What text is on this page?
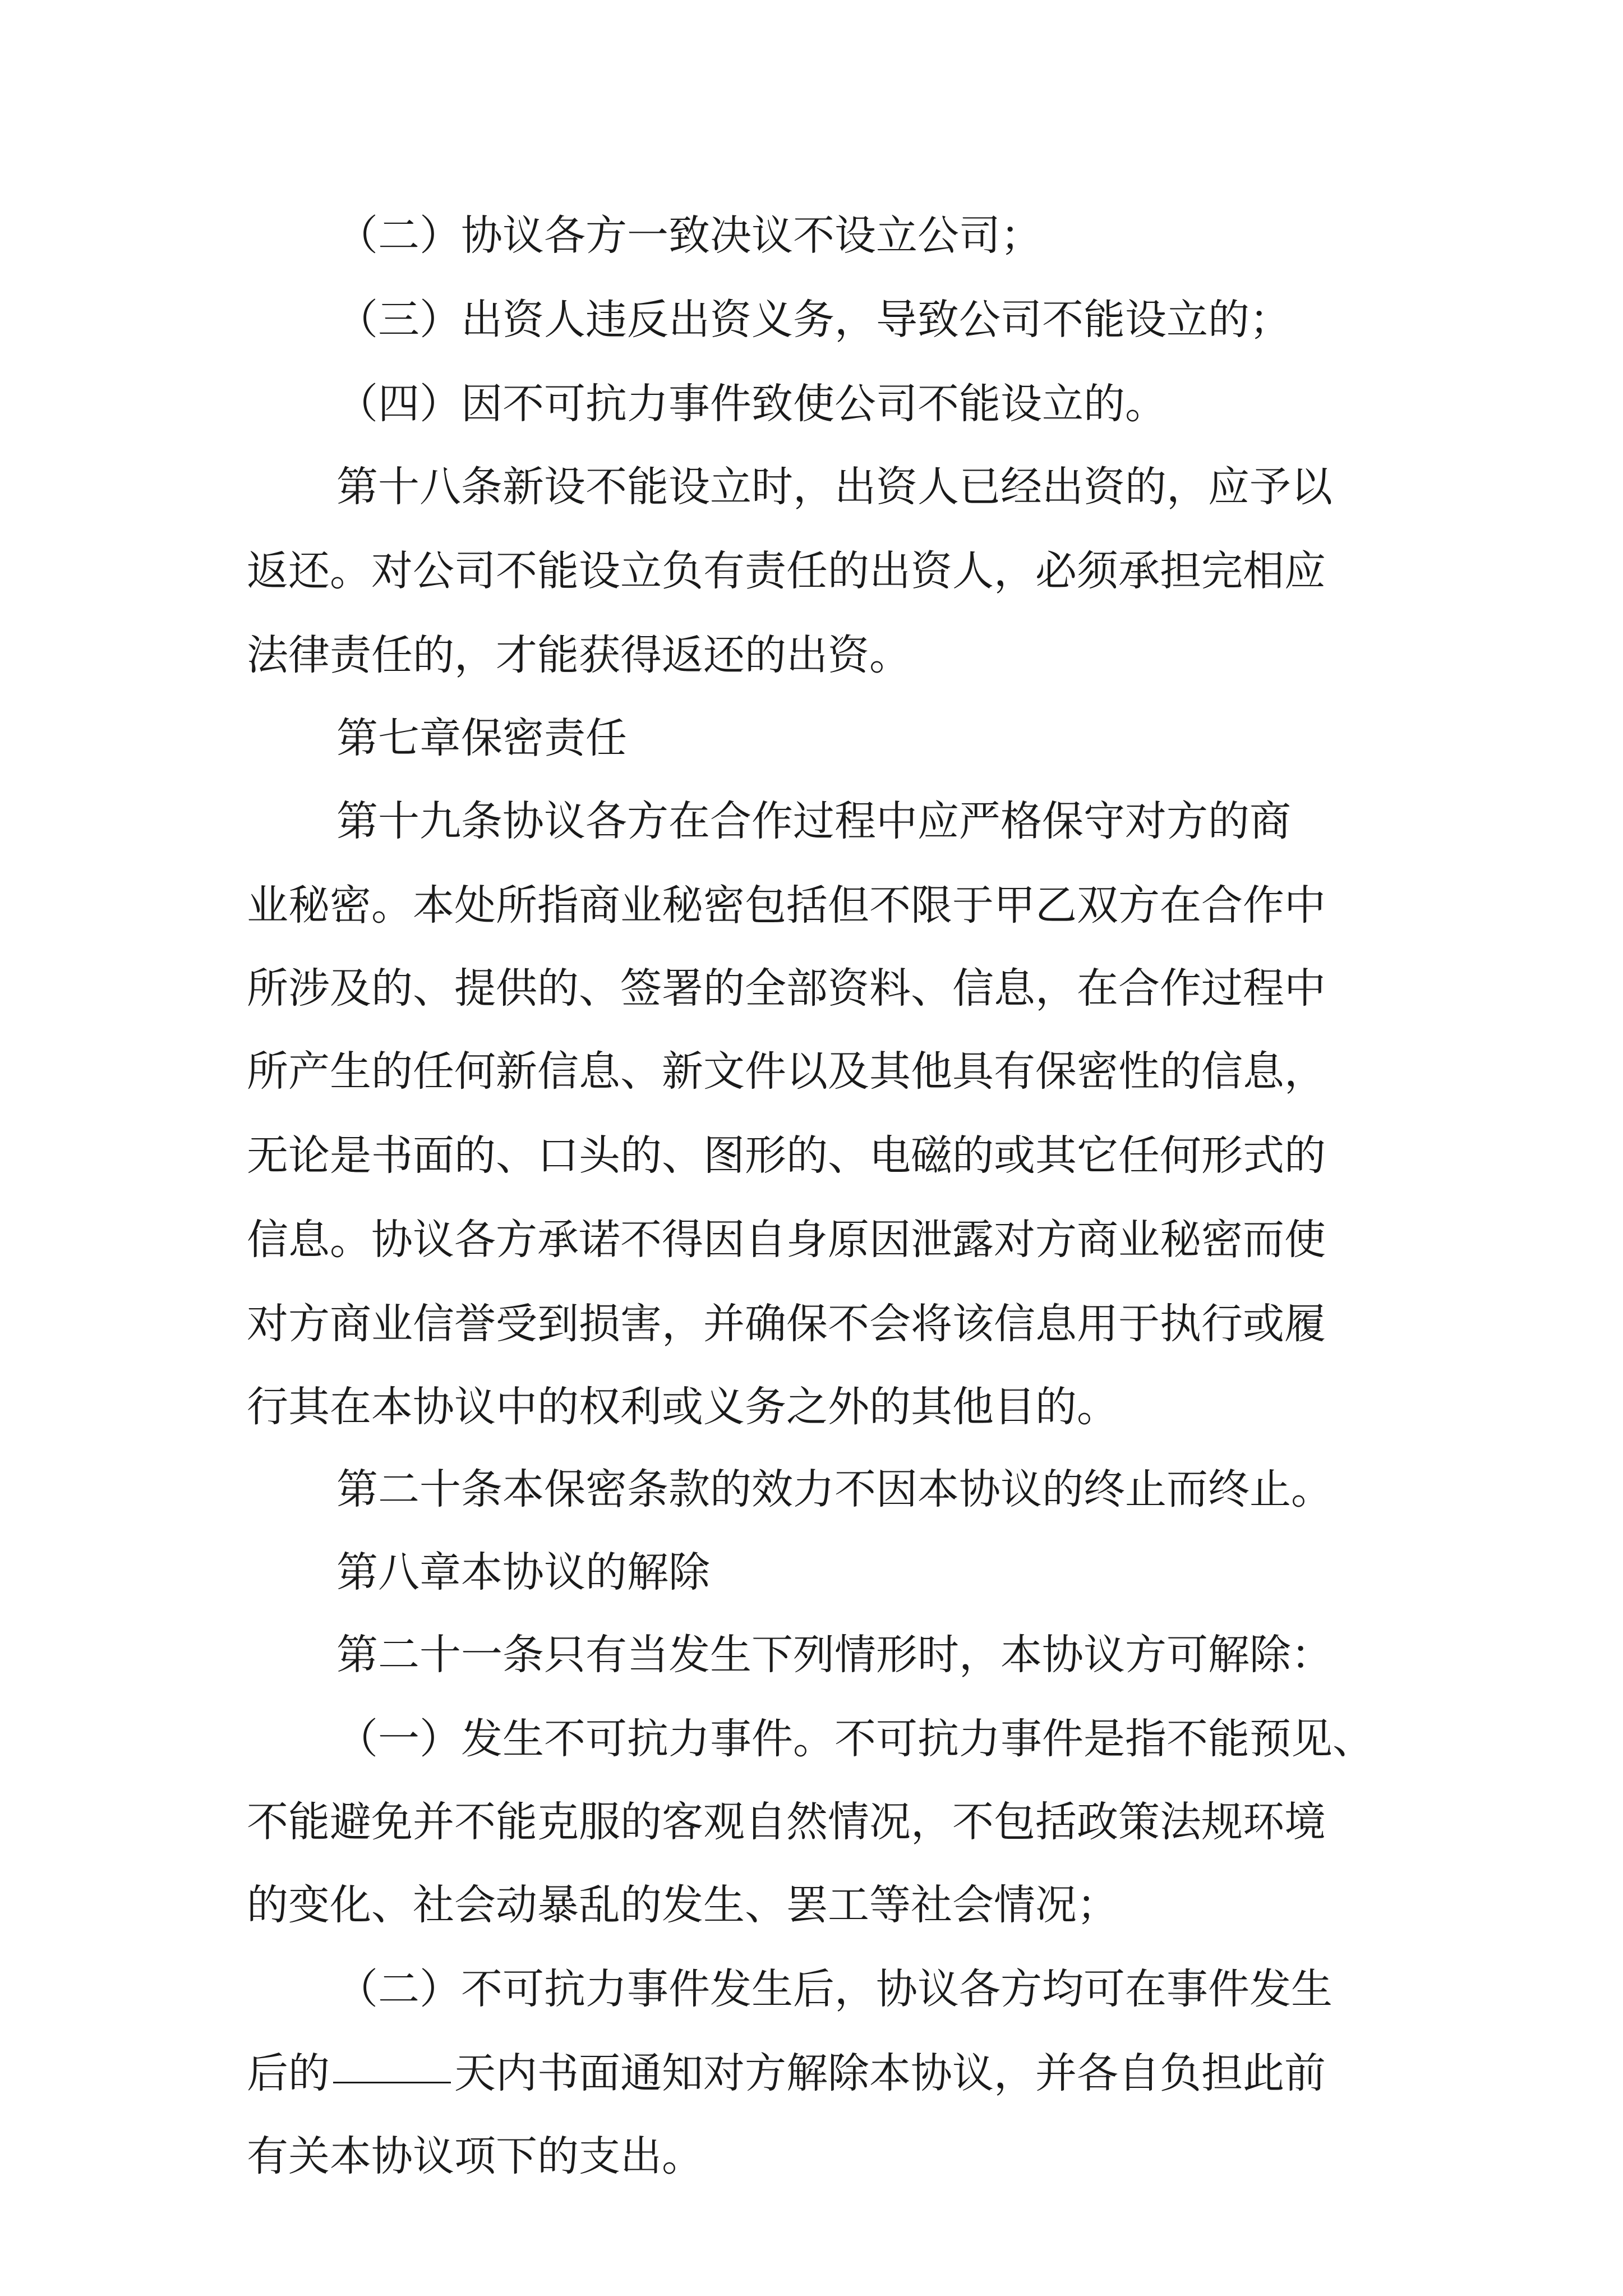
（二）协议各方一致决议不设立公司；
（三）出资人违反出资义务，导致公司不能设立的；
（四）因不可抗力事件致使公司不能设立的。
第十八条新设不能设立时，出资人已经出资的，应予以
返还。对公司不能设立负有责任的出资人，必须承担完相应
法律责任的，才能获得返还的出资。
第七章保密责任
第十九条协议各方在合作过程中应严格保守对方的商
业秘密。本处所指商业秘密包括但不限于甲乙双方在合作中
所涉及的、提供的、签署的全部资料、信息，在合作过程中
所产生的任何新信息、新文件以及其他具有保密性的信息，
无论是书面的、口头的、图形的、电磁的或其它任何形式的
信息。协议各方承诺不得因自身原因泄露对方商业秘密而使
对方商业信誉受到损害，并确保不会将该信息用于执行或履
行其在本协议中的权利或义务之外的其他目的。
第二十条本保密条款的效力不因本协议的终止而终止。
第八章本协议的解除
第二十一条只有当发生下列情形时，本协议方可解除：
（一）发生不可抗力事件。不可抗力事件是指不能预见、
不能避免并不能克服的客观自然情况，不包括政策法规环境
的变化、社会动暴乱的发生、罢工等社会情况；
（二）不可抗力事件发生后，协议各方均可在事件发生
后的	天内书面通知对方解除本协议，并各自负担此前
有关本协议项下的支出。
